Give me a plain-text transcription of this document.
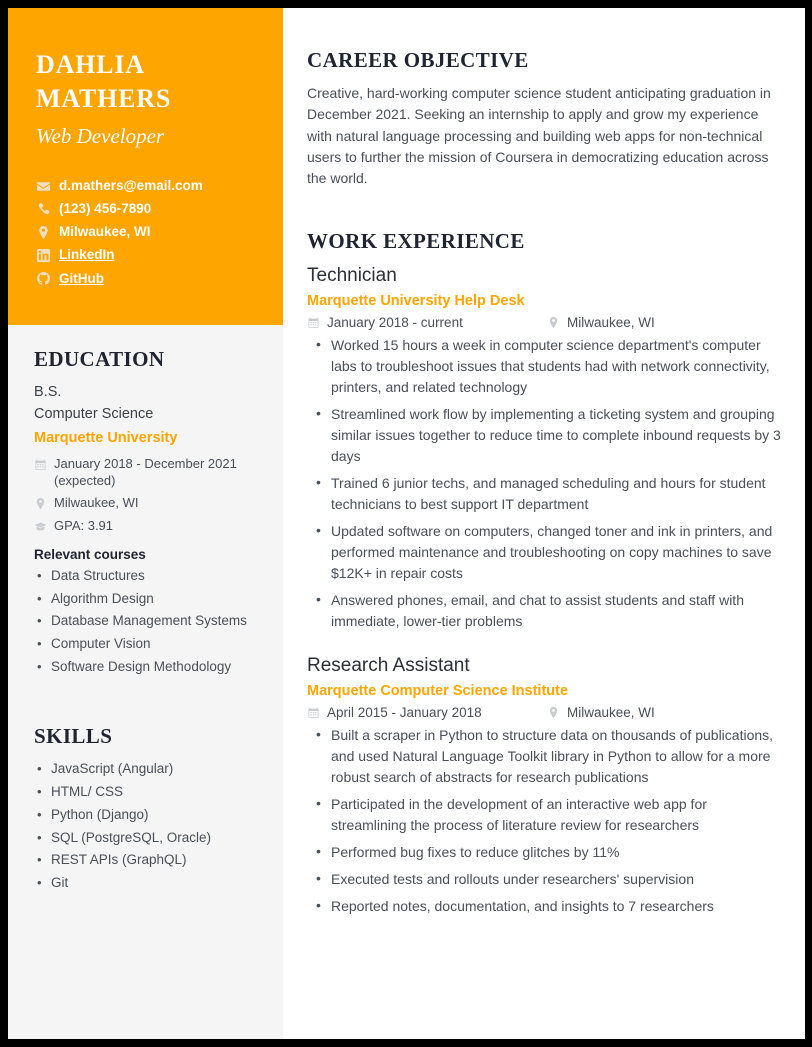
DAHLIA
MATHERS
Web Developer
d.mathers@email.com
(123) 456-7890
Milwaukee, WI
LinkedIn
GitHub
EDUCATION
B.S.
Computer Science
Marquette University
January 2018 - December 2021 (expected)
Milwaukee, WI
GPA: 3.91
Relevant courses
• Data Structures
• Algorithm Design
• Database Management Systems
• Computer Vision
• Software Design Methodology
SKILLS
• JavaScript (Angular)
• HTML/ CSS
• Python (Django)
• SQL (PostgreSQL, Oracle)
• REST APIs (GraphQL)
• Git
CAREER OBJECTIVE

Creative, hard-working computer science student anticipating graduation in December 2021. Seeking an internship to apply and grow my experience with natural language processing and building web apps for non-technical users to further the mission of Coursera in democratizing education across the world.

WORK EXPERIENCE
Technician
Marquette University Help Desk
January 2018 - current	Milwaukee, WI
• Worked 15 hours a week in computer science department's computer labs to troubleshoot issues that students had with network connectivity, printers, and related technology
• Streamlined work flow by implementing a ticketing system and grouping similar issues together to reduce time to complete inbound requests by 3 days
• Trained 6 junior techs, and managed scheduling and hours for student technicians to best support IT department
• Updated software on computers, changed toner and ink in printers, and performed maintenance and troubleshooting on copy machines to save $12K+ in repair costs
• Answered phones, email, and chat to assist students and staff with immediate, lower-tier problems
Research Assistant
Marquette Computer Science Institute
April 2015 - January 2018	Milwaukee, WI
• Built a scraper in Python to structure data on thousands of publications, and used Natural Language Toolkit library in Python to allow for a more robust search of abstracts for research publications
• Participated in the development of an interactive web app for streamlining the process of literature review for researchers
• Performed bug fixes to reduce glitches by 11%
• Executed tests and rollouts under researchers' supervision
• Reported notes, documentation, and insights to 7 researchers
